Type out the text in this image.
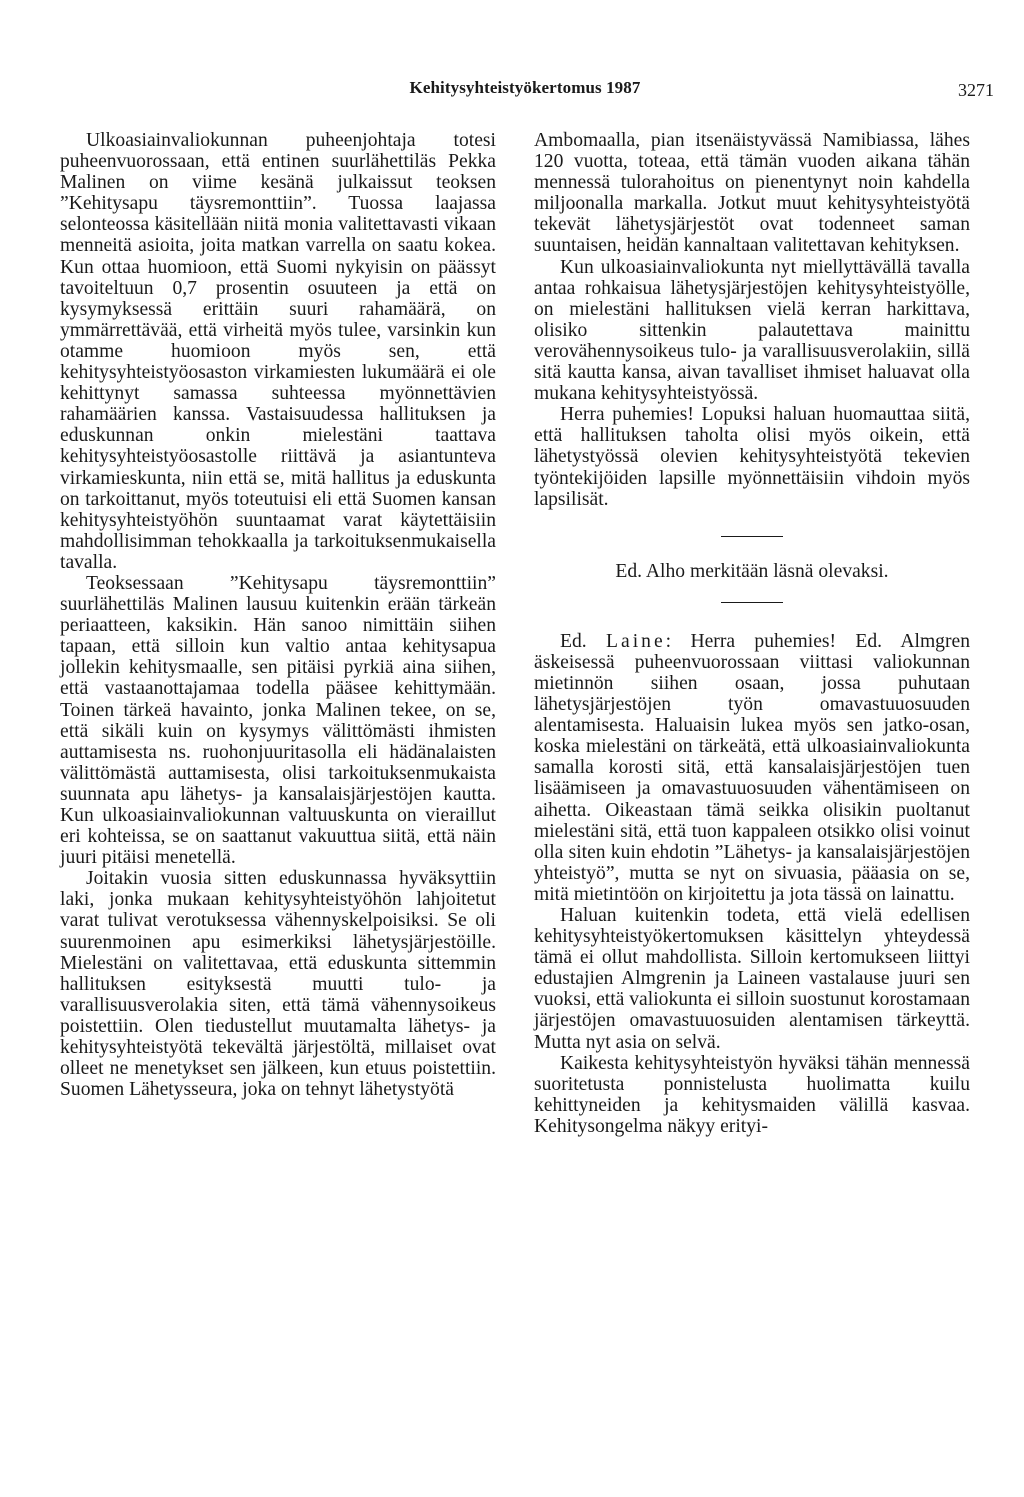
Kehitysyhteistyökertomus 1987	3271

Ulkoasiainvaliokunnan puheenjohtaja totesi puheenvuorossaan, että entinen suurlähettiläs Pekka Malinen on viime kesänä julkaissut teoksen ”Kehitysapu täysremonttiin”. Tuossa laajassa selonteossa käsitellään niitä monia valitettavasti vikaan menneitä asioita, joita matkan varrella on saatu kokea. Kun ottaa huomioon, että Suomi nykyisin on päässyt tavoiteltuun 0,7 prosentin osuuteen ja että on kysymyksessä erittäin suuri rahamäärä, on ymmärrettävää, että virheitä myös tulee, varsinkin kun otamme huomioon myös sen, että kehitysyhteistyöosaston virkamiesten lukumäärä ei ole kehittynyt samassa suhteessa myönnettävien rahamäärien kanssa. Vastaisuudessa hallituksen ja eduskunnan onkin mielestäni taattava kehitysyhteistyöosastolle riittävä ja asiantunteva virkamieskunta, niin että se, mitä hallitus ja eduskunta on tarkoittanut, myös toteutuisi eli että Suomen kansan kehitysyhteistyöhön suuntaamat varat käytettäisiin mahdollisimman tehokkaalla ja tarkoituksenmukaisella tavalla.

Teoksessaan ”Kehitysapu täysremonttiin” suurlähettiläs Malinen lausuu kuitenkin erään tärkeän periaatteen, kaksikin. Hän sanoo nimittäin siihen tapaan, että silloin kun valtio antaa kehitysapua jollekin kehitysmaalle, sen pitäisi pyrkiä aina siihen, että vastaanottajamaa todella pääsee kehittymään. Toinen tärkeä havainto, jonka Malinen tekee, on se, että sikäli kuin on kysymys välittömästi ihmisten auttamisesta ns. ruohonjuuritasolla eli hädänalaisten välittömästä auttamisesta, olisi tarkoituksenmukaista suunnata apu lähetys- ja kansalaisjärjestöjen kautta. Kun ulkoasiainvaliokunnan valtuuskunta on vieraillut eri kohteissa, se on saattanut vakuuttua siitä, että näin juuri pitäisi menetellä.

Joitakin vuosia sitten eduskunnassa hyväksyttiin laki, jonka mukaan kehitysyhteistyöhön lahjoitetut varat tulivat verotuksessa vähennyskelpoisiksi. Se oli suurenmoinen apu esimerkiksi lähetysjärjestöille. Mielestäni on valitettavaa, että eduskunta sittemmin hallituksen esityksestä muutti tulo- ja varallisuusverolakia siten, että tämä vähennysoikeus poistettiin. Olen tiedustellut muutamalta lähetys- ja kehitysyhteistyötä tekevältä järjestöltä, millaiset ovat olleet ne menetykset sen jälkeen, kun etuus poistettiin. Suomen Lähetysseura, joka on tehnyt lähetystyötä

Ambomaalla, pian itsenäistyvässä Namibiassa, lähes 120 vuotta, toteaa, että tämän vuoden aikana tähän mennessä tulorahoitus on pienentynyt noin kahdella miljoonalla markalla. Jotkut muut kehitysyhteistyötä tekevät lähetysjärjestöt ovat todenneet saman suuntaisen, heidän kannaltaan valitettavan kehityksen.

Kun ulkoasiainvaliokunta nyt miellyttävällä tavalla antaa rohkaisua lähetysjärjestöjen kehitysyhteistyölle, on mielestäni hallituksen vielä kerran harkittava, olisiko sittenkin palautettava mainittu verovähennysoikeus tulo- ja varallisuusverolakiin, sillä sitä kautta kansa, aivan tavalliset ihmiset haluavat olla mukana kehitysyhteistyössä.

Herra puhemies! Lopuksi haluan huomauttaa siitä, että hallituksen taholta olisi myös oikein, että lähetystyössä olevien kehitysyhteistyötä tekevien työntekijöiden lapsille myönnettäisiin vihdoin myös lapsilisät.

Ed. Alho merkitään läsnä olevaksi.

Ed. Laine: Herra puhemies! Ed. Almgren äskeisessä puheenvuorossaan viittasi valiokunnan mietinnön siihen osaan, jossa puhutaan lähetysjärjestöjen työn omavastuuosuuden alentamisesta. Haluaisin lukea myös sen jatko-osan, koska mielestäni on tärkeätä, että ulkoasiainvaliokunta samalla korosti sitä, että kansalaisjärjestöjen tuen lisäämiseen ja omavastuuosuuden vähentämiseen on aihetta. Oikeastaan tämä seikka olisikin puoltanut mielestäni sitä, että tuon kappaleen otsikko olisi voinut olla siten kuin ehdotin ”Lähetys- ja kansalaisjärjestöjen yhteistyö”, mutta se nyt on sivuasia, pääasia on se, mitä mietintöön on kirjoitettu ja jota tässä on lainattu.

Haluan kuitenkin todeta, että vielä edellisen kehitysyhteistyökertomuksen käsittelyn yhteydessä tämä ei ollut mahdollista. Silloin kertomukseen liittyi edustajien Almgrenin ja Laineen vastalause juuri sen vuoksi, että valiokunta ei silloin suostunut korostamaan järjestöjen omavastuuosuiden alentamisen tärkeyttä. Mutta nyt asia on selvä.

Kaikesta kehitysyhteistyön hyväksi tähän mennessä suoritetusta ponnistelusta huolimatta kuilu kehittyneiden ja kehitysmaiden välillä kasvaa. Kehitysongelma näkyy erityi-
